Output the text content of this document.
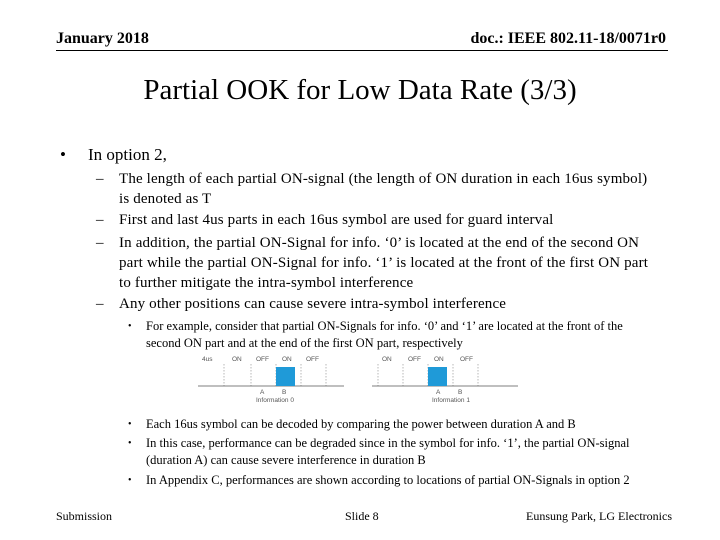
January 2018	doc.: IEEE 802.11-18/0071r0
Partial OOK for Low Data Rate (3/3)
• In option 2,
– The length of each partial ON-signal (the length of ON duration in each 16us symbol) is denoted as T
– First and last 4us parts in each 16us symbol are used for guard interval
– In addition, the partial ON-Signal for info. ‘0’ is located at the end of the second ON part while the partial ON-Signal for info. ‘1’ is located at the front of the first ON part to further mitigate the intra-symbol interference
– Any other positions can cause severe intra-symbol interference
• For example, consider that partial ON-Signals for info. ‘0’ and ‘1’ are located at the front of the second ON part and at the end of the first ON part, respectively
4us	ON OFF ON OFF
A	B
Information 0
ON	OFF ON	OFF
A	B
Information 1
• Each 16us symbol can be decoded by comparing the power between duration A and B
• In this case, performance can be degraded since in the symbol for info. ‘1’, the partial ON-signal (duration A) can cause severe interference in duration B
• In Appendix C, performances are shown according to locations of partial ON-Signals in option 2
Submission	Slide 8	Eunsung Park, LG Electronics
